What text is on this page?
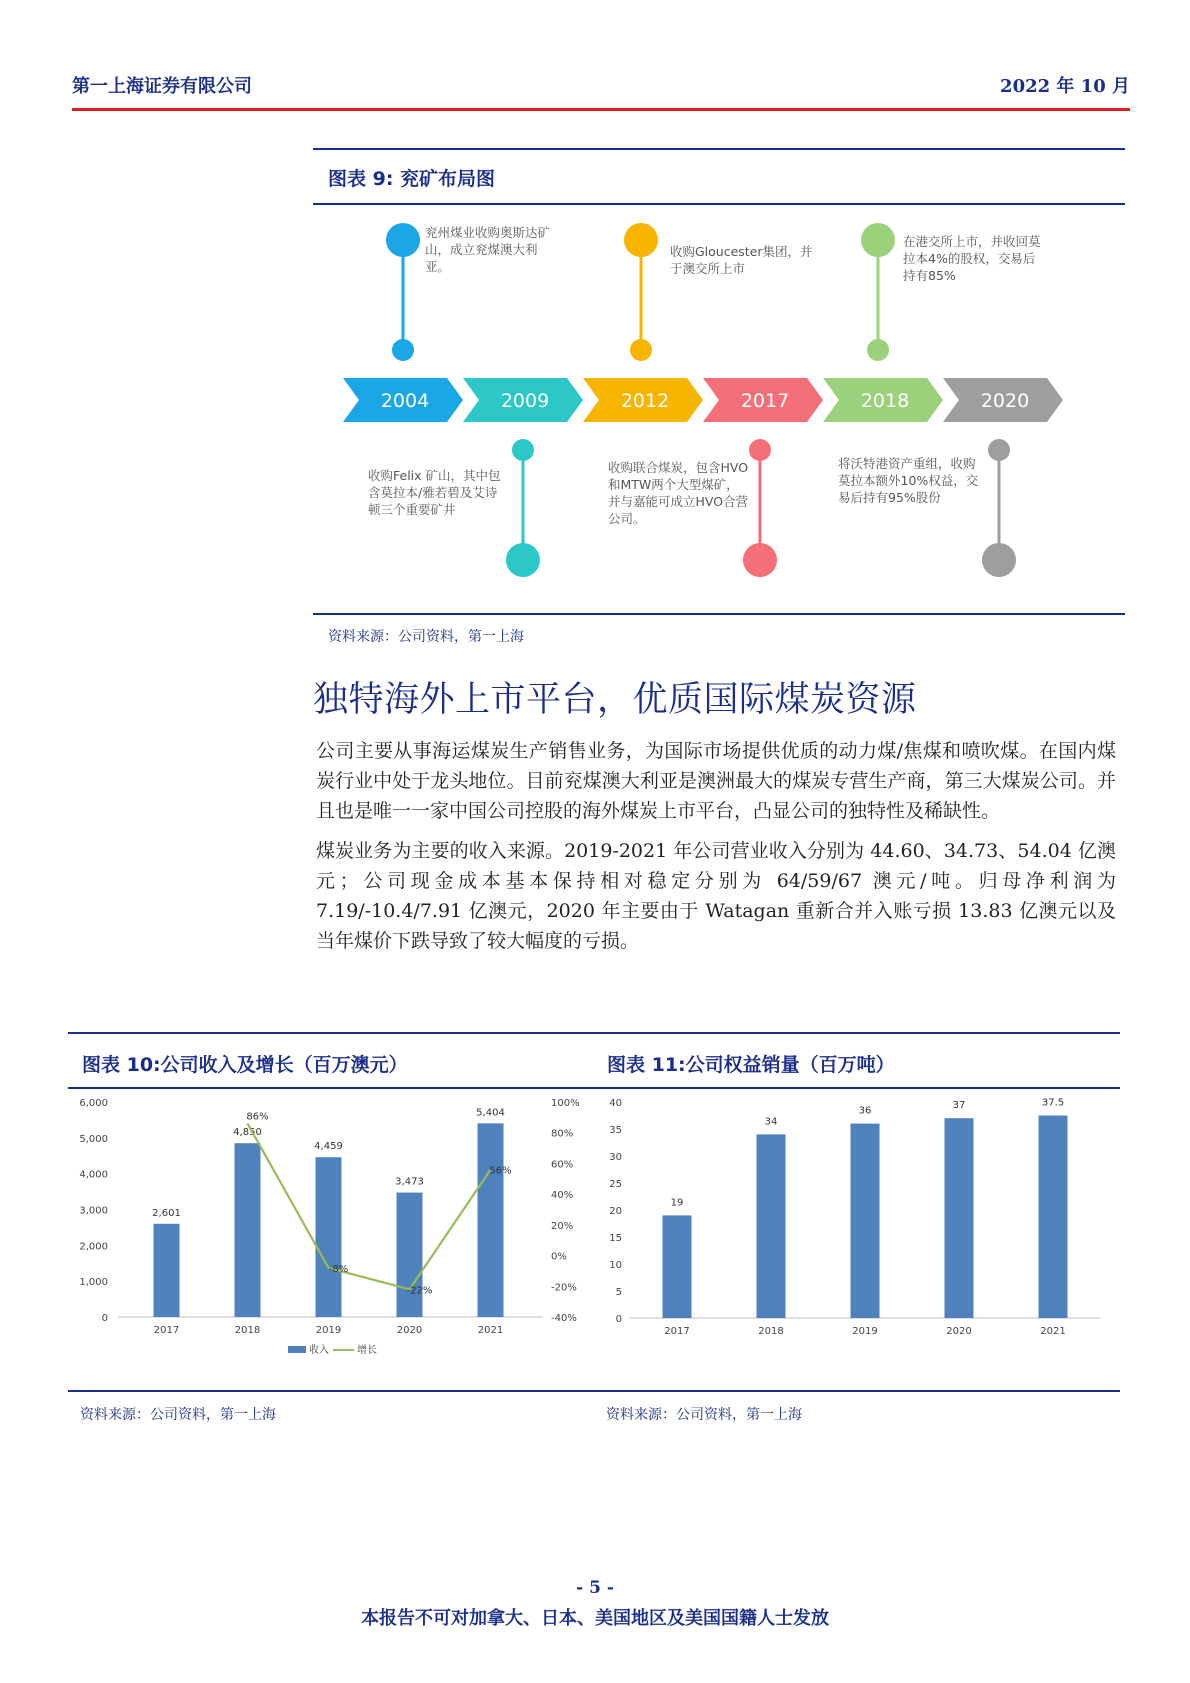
第一上海证券有限公司	2022 年 10 月
图表 9: 兖矿布局图
2004	2009	2012	2017	2018	2020
兖州煤业收购奥斯达矿山，成立兖煤澳大利亚。
收购Felix 矿山，其中包含莫拉本/雅若碧及艾诗顿三个重要矿井
收购Gloucester集团，并于澳交所上市
收购联合煤炭，包含HVO 和MTW两个大型煤矿，并与嘉能可成立HVO合营公司。
在港交所上市，并收回莫拉本4%的股权，交易后持有85%
将沃特港资产重组，收购莫拉本额外10%权益，交易后持有95%股份
资料来源：公司资料，第一上海
独特海外上市平台，优质国际煤炭资源

公司主要从事海运煤炭生产销售业务，为国际市场提供优质的动力煤/焦煤和喷吹煤。在国内煤炭行业中处于龙头地位。目前兖煤澳大利亚是澳洲最大的煤炭专营生产商，第三大煤炭公司。并且也是唯一一家中国公司控股的海外煤炭上市平台，凸显公司的独特性及稀缺性。

煤炭业务为主要的收入来源。2019-2021 年公司营业收入分别为 44.60、34.73、54.04 亿澳元；公司现金成本基本保持相对稳定分别为 64/59/67 澳元/吨。归母净利润为 7.19/-10.4/7.91 亿澳元，2020 年主要由于 Watagan 重新合并入账亏损 13.83 亿澳元以及当年煤价下跌导致了较大幅度的亏损。

图表 10:公司收入及增长（百万澳元）	图表 11:公司权益销量（百万吨）
0
1,000
2,000
3,000
4,000
5,000
6,000
-40%
-20%
0%
20%
40%
60%
80%
100%
2,601
2017
4,850
2018
4,459
2019
3,473
2020
5,404
2021
86%
-8%
-22%
56%
收入	增长
0
5
10
15
20
25
30
35
40
19
2017
34
2018
36
2019
37
2020
37.5
2021
资料来源：公司资料，第一上海	资料来源：公司资料，第一上海
- 5 -
本报告不可对加拿大、日本、美国地区及美国国籍人士发放
